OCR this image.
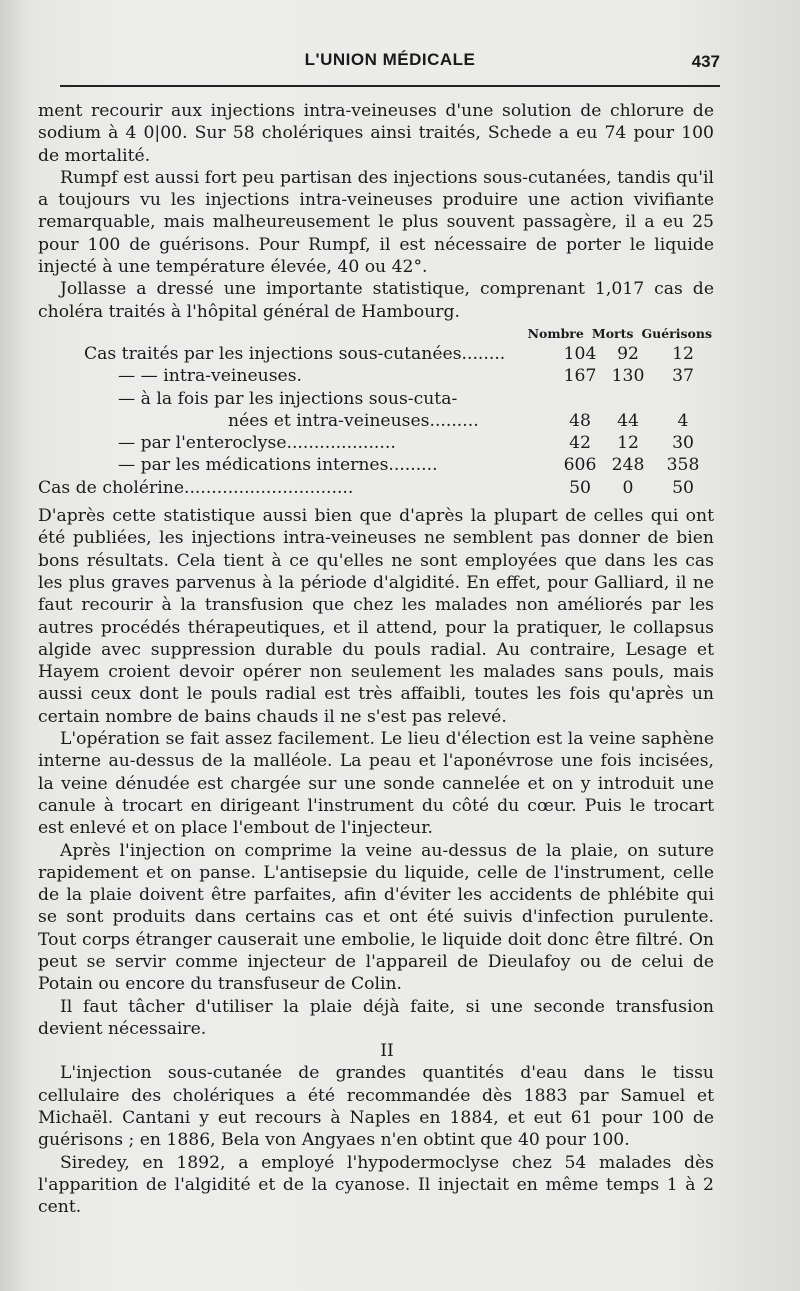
L'UNION MÉDICALE	437

ment recourir aux injections intra-veineuses d'une solution de chlorure de sodium à 4 0|00. Sur 58 cholériques ainsi traités, Schede a eu 74 pour 100 de mortalité.

Rumpf est aussi fort peu partisan des injections sous-cutanées, tandis qu'il a toujours vu les injections intra-veineuses produire une action vivifiante remarquable, mais malheureusement le plus souvent passagère, il a eu 25 pour 100 de guérisons. Pour Rumpf, il est nécessaire de porter le liquide injecté à une température élevée, 40 ou 42°.

Jollasse a dressé une importante statistique, comprenant 1,017 cas de choléra traités à l'hôpital général de Hambourg.

Nombre Morts Guérisons
Cas traités par les injections sous-cutanées........	104	92	12
— — intra-veineuses.	167 130	37
— à la fois par les injections sous-cuta-
nées et intra-veineuses.........	48	44	4
— par l'enteroclyse....................	42	12	30
— par les médications internes.........	606 248	358
Cas de cholérine...............................	50	0	50

D'après cette statistique aussi bien que d'après la plupart de celles qui ont été publiées, les injections intra-veineuses ne semblent pas donner de bien bons résultats. Cela tient à ce qu'elles ne sont employées que dans les cas les plus graves parvenus à la période d'algidité. En effet, pour Galliard, il ne faut recourir à la transfusion que chez les malades non améliorés par les autres procédés thérapeutiques, et il attend, pour la pratiquer, le collapsus algide avec suppression durable du pouls radial. Au contraire, Lesage et Hayem croient devoir opérer non seulement les malades sans pouls, mais aussi ceux dont le pouls radial est très affaibli, toutes les fois qu'après un certain nombre de bains chauds il ne s'est pas relevé.

L'opération se fait assez facilement. Le lieu d'élection est la veine saphène interne au-dessus de la malléole. La peau et l'aponévrose une fois incisées, la veine dénudée est chargée sur une sonde cannelée et on y introduit une canule à trocart en dirigeant l'instrument du côté du cœur. Puis le trocart est enlevé et on place l'embout de l'injecteur.

Après l'injection on comprime la veine au-dessus de la plaie, on suture rapidement et on panse. L'antisepsie du liquide, celle de l'instrument, celle de la plaie doivent être parfaites, afin d'éviter les accidents de phlébite qui se sont produits dans certains cas et ont été suivis d'infection purulente. Tout corps étranger causerait une embolie, le liquide doit donc être filtré. On peut se servir comme injecteur de l'appareil de Dieulafoy ou de celui de Potain ou encore du transfuseur de Colin.

Il faut tâcher d'utiliser la plaie déjà faite, si une seconde transfusion devient nécessaire.

II

L'injection sous-cutanée de grandes quantités d'eau dans le tissu cellulaire des cholériques a été recommandée dès 1883 par Samuel et Michaël. Cantani y eut recours à Naples en 1884, et eut 61 pour 100 de guérisons ; en 1886, Bela von Angyaes n'en obtint que 40 pour 100.

Siredey, en 1892, a employé l'hypodermoclyse chez 54 malades dès l'apparition de l'algidité et de la cyanose. Il injectait en même temps 1 à 2 cent.
